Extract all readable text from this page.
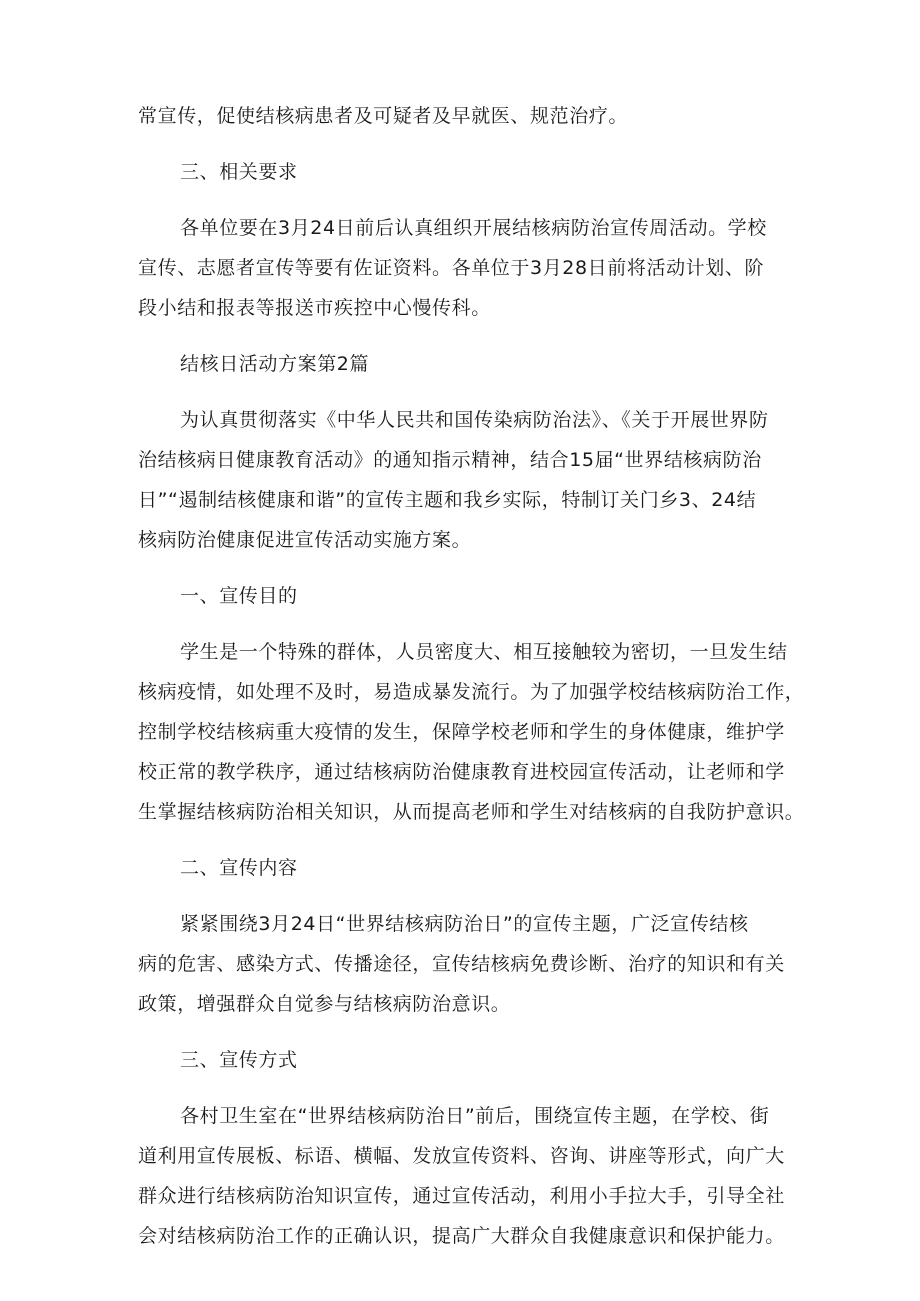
常宣传，促使结核病患者及可疑者及早就医、规范治疗。
三、相关要求
各单位要在3月24日前后认真组织开展结核病防治宣传周活动。学校
宣传、志愿者宣传等要有佐证资料。各单位于3月28日前将活动计划、阶
段小结和报表等报送市疾控中心慢传科。
结核日活动方案第2篇
为认真贯彻落实《中华人民共和国传染病防治法》、《关于开展世界防
治结核病日健康教育活动》的通知指示精神，结合15届“世界结核病防治
日”“遏制结核健康和谐”的宣传主题和我乡实际，特制订关门乡3、24结
核病防治健康促进宣传活动实施方案。
一、宣传目的
学生是一个特殊的群体，人员密度大、相互接触较为密切，一旦发生结
核病疫情，如处理不及时，易造成暴发流行。为了加强学校结核病防治工作，
控制学校结核病重大疫情的发生，保障学校老师和学生的身体健康，维护学
校正常的教学秩序，通过结核病防治健康教育进校园宣传活动，让老师和学
生掌握结核病防治相关知识，从而提高老师和学生对结核病的自我防护意识。
二、宣传内容
紧紧围绕3月24日“世界结核病防治日”的宣传主题，广泛宣传结核
病的危害、感染方式、传播途径，宣传结核病免费诊断、治疗的知识和有关
政策，增强群众自觉参与结核病防治意识。
三、宣传方式
各村卫生室在“世界结核病防治日”前后，围绕宣传主题，在学校、街
道利用宣传展板、标语、横幅、发放宣传资料、咨询、讲座等形式，向广大
群众进行结核病防治知识宣传，通过宣传活动，利用小手拉大手，引导全社
会对结核病防治工作的正确认识，提高广大群众自我健康意识和保护能力。
